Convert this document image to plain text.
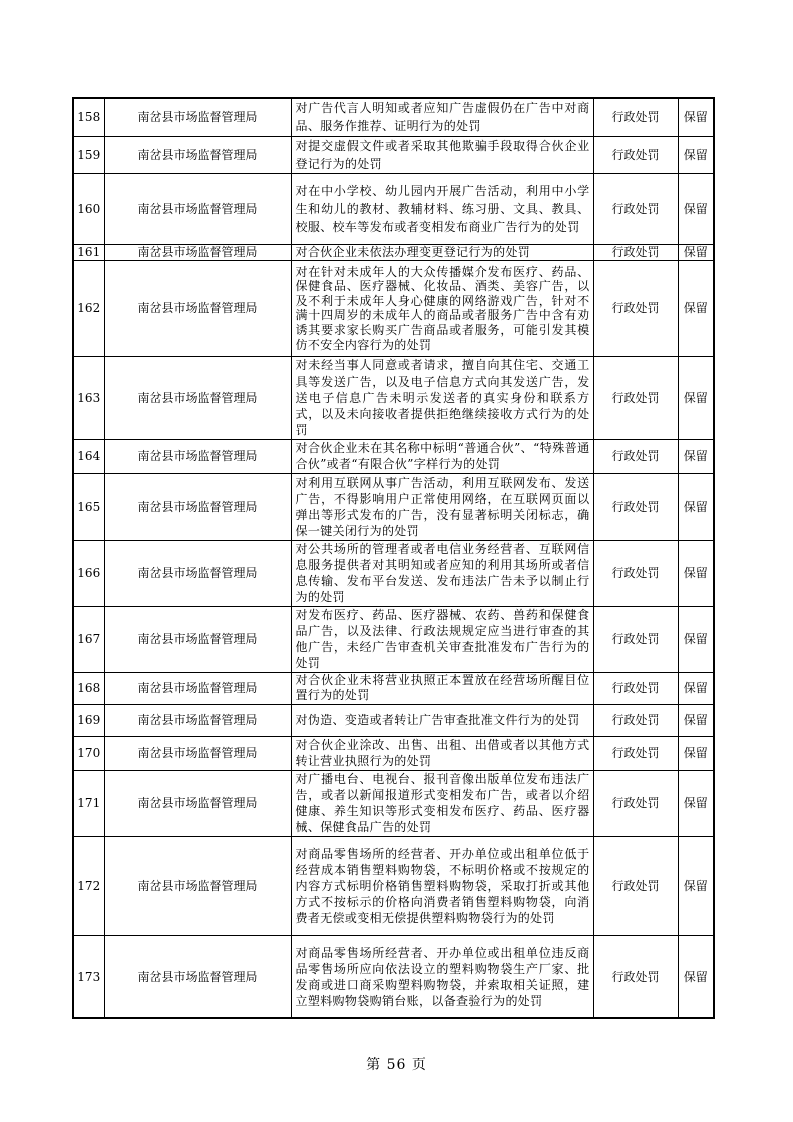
158	南岔县市场监督管理局	对广告代言人明知或者应知广告虚假仍在广告中对商品、服务作推荐、证明行为的处罚	行政处罚	保留
159	南岔县市场监督管理局	对提交虚假文件或者采取其他欺骗手段取得合伙企业登记行为的处罚	行政处罚	保留
160	南岔县市场监督管理局	对在中小学校、幼儿园内开展广告活动，利用中小学生和幼儿的教材、教辅材料、练习册、文具、教具、校服、校车等发布或者变相发布商业广告行为的处罚	行政处罚	保留
161	南岔县市场监督管理局	对合伙企业未依法办理变更登记行为的处罚	行政处罚	保留
162	南岔县市场监督管理局	对在针对未成年人的大众传播媒介发布医疗、药品、保健食品、医疗器械、化妆品、酒类、美容广告，以及不利于未成年人身心健康的网络游戏广告，针对不满十四周岁的未成年人的商品或者服务广告中含有劝诱其要求家长购买广告商品或者服务，可能引发其模仿不安全内容行为的处罚	行政处罚	保留
163	南岔县市场监督管理局	对未经当事人同意或者请求，擅自向其住宅、交通工具等发送广告，以及电子信息方式向其发送广告，发送电子信息广告未明示发送者的真实身份和联系方式，以及未向接收者提供拒绝继续接收方式行为的处罚	行政处罚	保留
164	南岔县市场监督管理局	对合伙企业未在其名称中标明“普通合伙”、“特殊普通合伙”或者“有限合伙”字样行为的处罚	行政处罚	保留
165	南岔县市场监督管理局	对利用互联网从事广告活动，利用互联网发布、发送广告，不得影响用户正常使用网络，在互联网页面以弹出等形式发布的广告，没有显著标明关闭标志，确保一键关闭行为的处罚	行政处罚	保留
166	南岔县市场监督管理局	对公共场所的管理者或者电信业务经营者、互联网信息服务提供者对其明知或者应知的利用其场所或者信息传输、发布平台发送、发布违法广告未予以制止行为的处罚	行政处罚	保留
167	南岔县市场监督管理局	对发布医疗、药品、医疗器械、农药、兽药和保健食品广告，以及法律、行政法规规定应当进行审查的其他广告，未经广告审查机关审查批准发布广告行为的处罚	行政处罚	保留
168	南岔县市场监督管理局	对合伙企业未将营业执照正本置放在经营场所醒目位置行为的处罚	行政处罚	保留
169	南岔县市场监督管理局	对伪造、变造或者转让广告审查批准文件行为的处罚	行政处罚	保留
170	南岔县市场监督管理局	对合伙企业涂改、出售、出租、出借或者以其他方式转让营业执照行为的处罚	行政处罚	保留
171	南岔县市场监督管理局	对广播电台、电视台、报刊音像出版单位发布违法广告，或者以新闻报道形式变相发布广告，或者以介绍健康、养生知识等形式变相发布医疗、药品、医疗器械、保健食品广告的处罚	行政处罚	保留
172	南岔县市场监督管理局	对商品零售场所的经营者、开办单位或出租单位低于经营成本销售塑料购物袋，不标明价格或不按规定的内容方式标明价格销售塑料购物袋，采取打折或其他方式不按标示的价格向消费者销售塑料购物袋，向消费者无偿或变相无偿提供塑料购物袋行为的处罚	行政处罚	保留
173	南岔县市场监督管理局	对商品零售场所经营者、开办单位或出租单位违反商品零售场所应向依法设立的塑料购物袋生产厂家、批发商或进口商采购塑料购物袋，并索取相关证照，建立塑料购物袋购销台账，以备查验行为的处罚	行政处罚	保留
第 56 页
